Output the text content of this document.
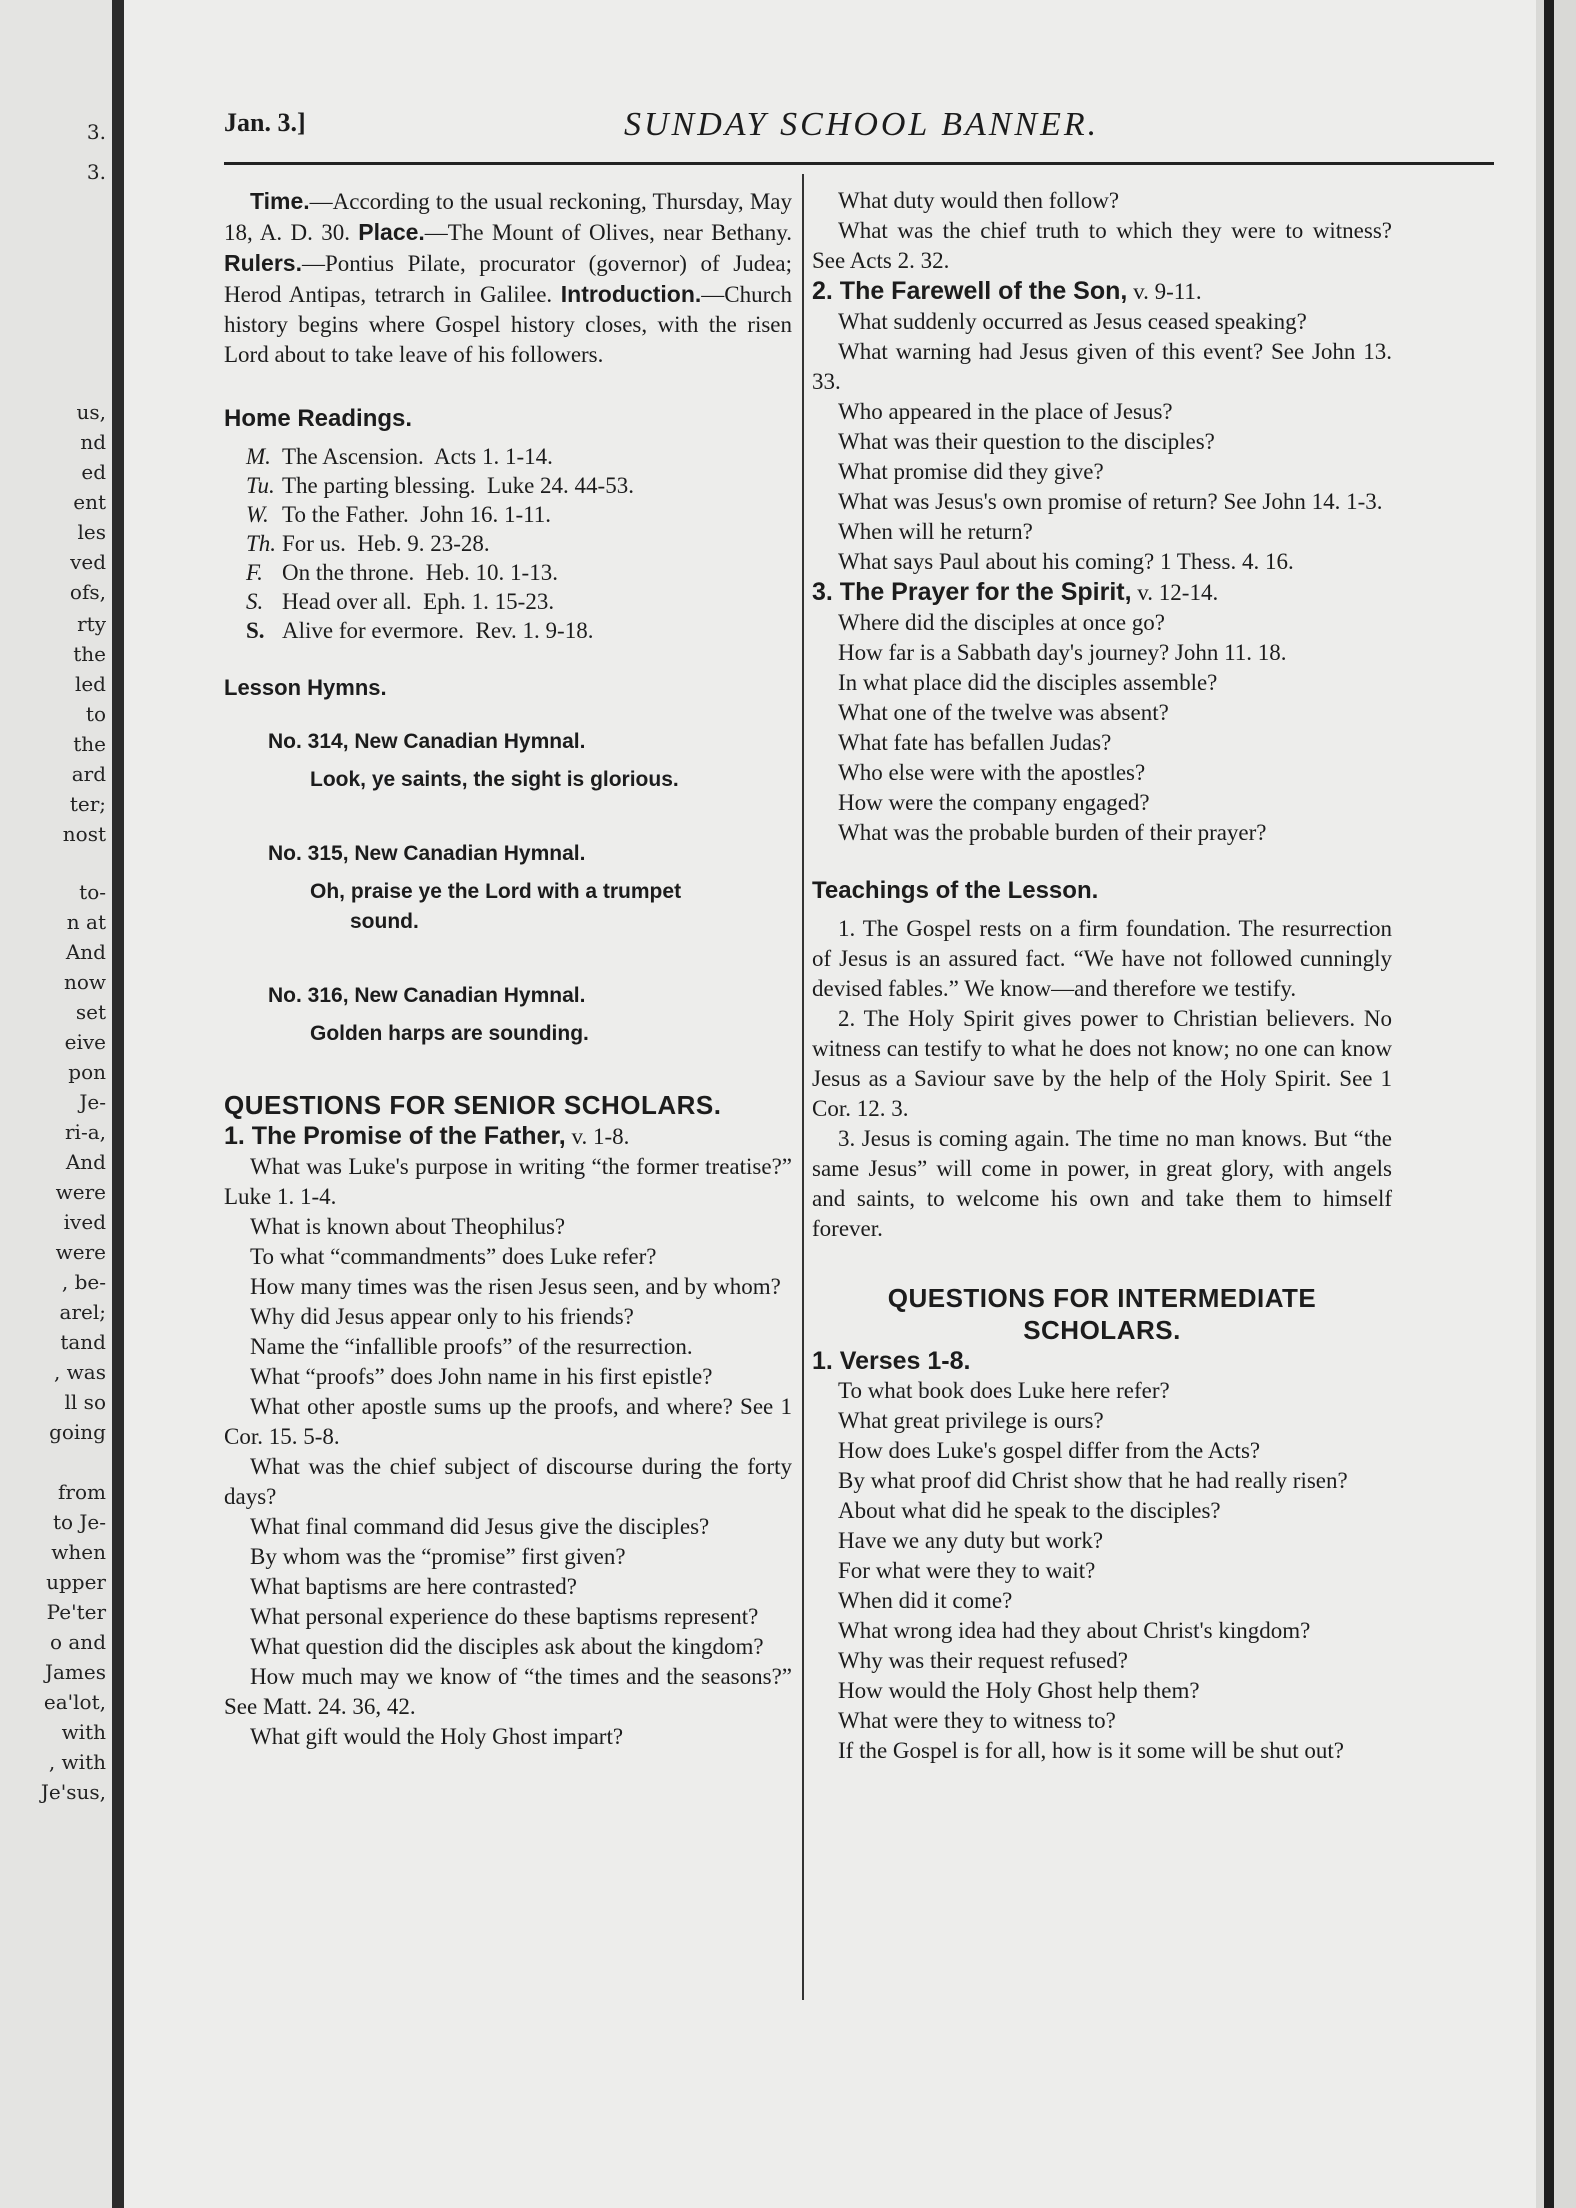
3.
3.
us,
nd
ed
ent
les
ved
ofs,
rty
the
led
to
the
ard
ter;
nost
to-
n at
And
now
set
eive
pon
Je-
ri-a,
And
were
ived
were
, be-
arel;
tand
, was
ll so
going
from
to Je-
when
upper
Pe'ter
o and
James
ea'lot,
with
, with
Je'sus,
Jan. 3.]	SUNDAY SCHOOL BANNER.

Time.—According to the usual reckoning, Thursday, May 18, A. D. 30. Place.—The Mount of Olives, near Bethany. Rulers.—Pontius Pilate, procurator (governor) of Judea; Herod Antipas, tetrarch in Galilee. Introduction.—Church history begins where Gospel history closes, with the risen Lord about to take leave of his followers.

Home Readings.

M. The Ascension.  Acts 1. 1-14.
Tu. The parting blessing.  Luke 24. 44-53.
W. To the Father.  John 16. 1-11.
Th. For us.  Heb. 9. 23-28.
F. On the throne.  Heb. 10. 1-13.
S. Head over all.  Eph. 1. 15-23.
S. Alive for evermore.  Rev. 1. 9-18.

Lesson Hymns.

No. 314, New Canadian Hymnal.

Look, ye saints, the sight is glorious.

No. 315, New Canadian Hymnal.

Oh, praise ye the Lord with a trumpet

sound.

No. 316, New Canadian Hymnal.

Golden harps are sounding.

QUESTIONS FOR SENIOR SCHOLARS.

1. The Promise of the Father, v. 1-8.

What was Luke's purpose in writing “the former treatise?” Luke 1. 1-4.

What is known about Theophilus?

To what “commandments” does Luke refer?

How many times was the risen Jesus seen, and by whom?

Why did Jesus appear only to his friends?

Name the “infallible proofs” of the resurrection.

What “proofs” does John name in his first epistle?

What other apostle sums up the proofs, and where? See 1 Cor. 15. 5-8.

What was the chief subject of discourse during the forty days?

What final command did Jesus give the disciples?

By whom was the “promise” first given?

What baptisms are here contrasted?

What personal experience do these baptisms represent?

What question did the disciples ask about the kingdom?

How much may we know of “the times and the seasons?” See Matt. 24. 36, 42.

What gift would the Holy Ghost impart?

What duty would then follow?

What was the chief truth to which they were to witness? See Acts 2. 32.

2. The Farewell of the Son, v. 9-11.

What suddenly occurred as Jesus ceased speaking?

What warning had Jesus given of this event? See John 13. 33.

Who appeared in the place of Jesus?

What was their question to the disciples?

What promise did they give?

What was Jesus's own promise of return? See John 14. 1-3.

When will he return?

What says Paul about his coming? 1 Thess. 4. 16.

3. The Prayer for the Spirit, v. 12-14.

Where did the disciples at once go?

How far is a Sabbath day's journey? John 11. 18.

In what place did the disciples assemble?

What one of the twelve was absent?

What fate has befallen Judas?

Who else were with the apostles?

How were the company engaged?

What was the probable burden of their prayer?

Teachings of the Lesson.

1. The Gospel rests on a firm foundation. The resurrection of Jesus is an assured fact. “We have not followed cunningly devised fables.” We know—and therefore we testify.

2. The Holy Spirit gives power to Christian believers. No witness can testify to what he does not know; no one can know Jesus as a Saviour save by the help of the Holy Spirit. See 1 Cor. 12. 3.

3. Jesus is coming again. The time no man knows. But “the same Jesus” will come in power, in great glory, with angels and saints, to welcome his own and take them to himself forever.

QUESTIONS FOR INTERMEDIATE

SCHOLARS.

1. Verses 1-8.

To what book does Luke here refer?

What great privilege is ours?

How does Luke's gospel differ from the Acts?

By what proof did Christ show that he had really risen?

About what did he speak to the disciples?

Have we any duty but work?

For what were they to wait?

When did it come?

What wrong idea had they about Christ's kingdom?

Why was their request refused?

How would the Holy Ghost help them?

What were they to witness to?

If the Gospel is for all, how is it some will be shut out?
